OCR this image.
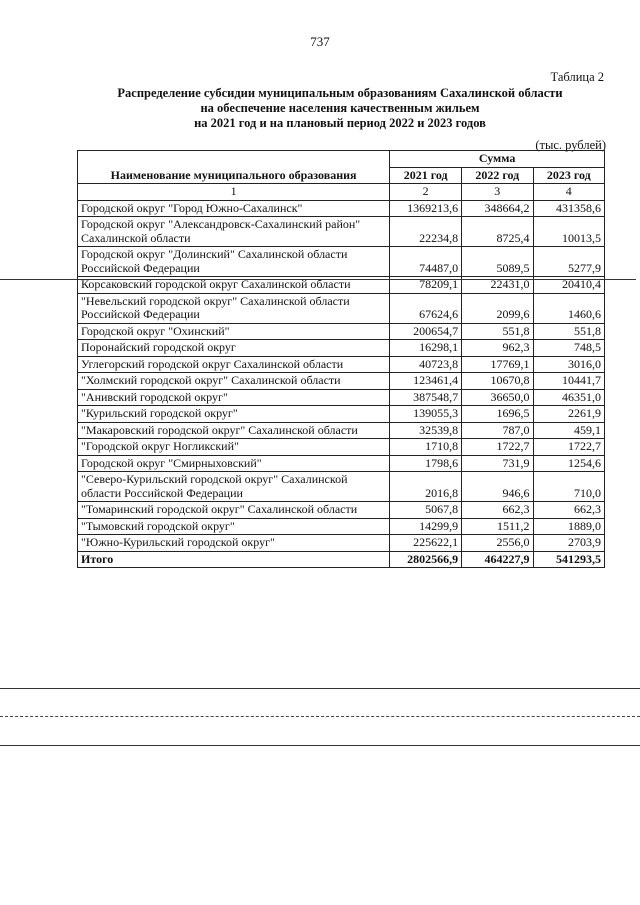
737
Таблица 2
Распределение субсидии муниципальным образованиям Сахалинской области
на обеспечение населения качественным жильем
на 2021 год и на плановый период 2022 и 2023 годов
(тыс. рублей)
Наименование муниципального образования	Сумма		
	2021 год	2022 год	2023 год
1	2	3	4
Городской округ "Город Южно-Сахалинск"	1369213,6	348664,2	431358,6
Городской округ "Александровск-Сахалинский район" Сахалинской области	22234,8	8725,4	10013,5
Городской округ "Долинский" Сахалинской области Российской Федерации	74487,0	5089,5	5277,9
Корсаковский городской округ Сахалинской области	78209,1	22431,0	20410,4
"Невельский городской округ" Сахалинской области Российской Федерации	67624,6	2099,6	1460,6
Городской округ "Охинский"	200654,7	551,8	551,8
Поронайский городской округ	16298,1	962,3	748,5
Углегорский городской округ Сахалинской области	40723,8	17769,1	3016,0
"Холмский городской округ" Сахалинской области	123461,4	10670,8	10441,7
"Анивский городской округ"	387548,7	36650,0	46351,0
"Курильский городской округ"	139055,3	1696,5	2261,9
"Макаровский городской округ" Сахалинской области	32539,8	787,0	459,1
"Городской округ Ногликский"	1710,8	1722,7	1722,7
Городской округ "Смирныховский"	1798,6	731,9	1254,6
"Северо-Курильский городской округ" Сахалинской области Российской Федерации	2016,8	946,6	710,0
"Томаринский городской округ" Сахалинской области	5067,8	662,3	662,3
"Тымовский городской округ"	14299,9	1511,2	1889,0
"Южно-Курильский городской округ"	225622,1	2556,0	2703,9
Итого	2802566,9	464227,9	541293,5
